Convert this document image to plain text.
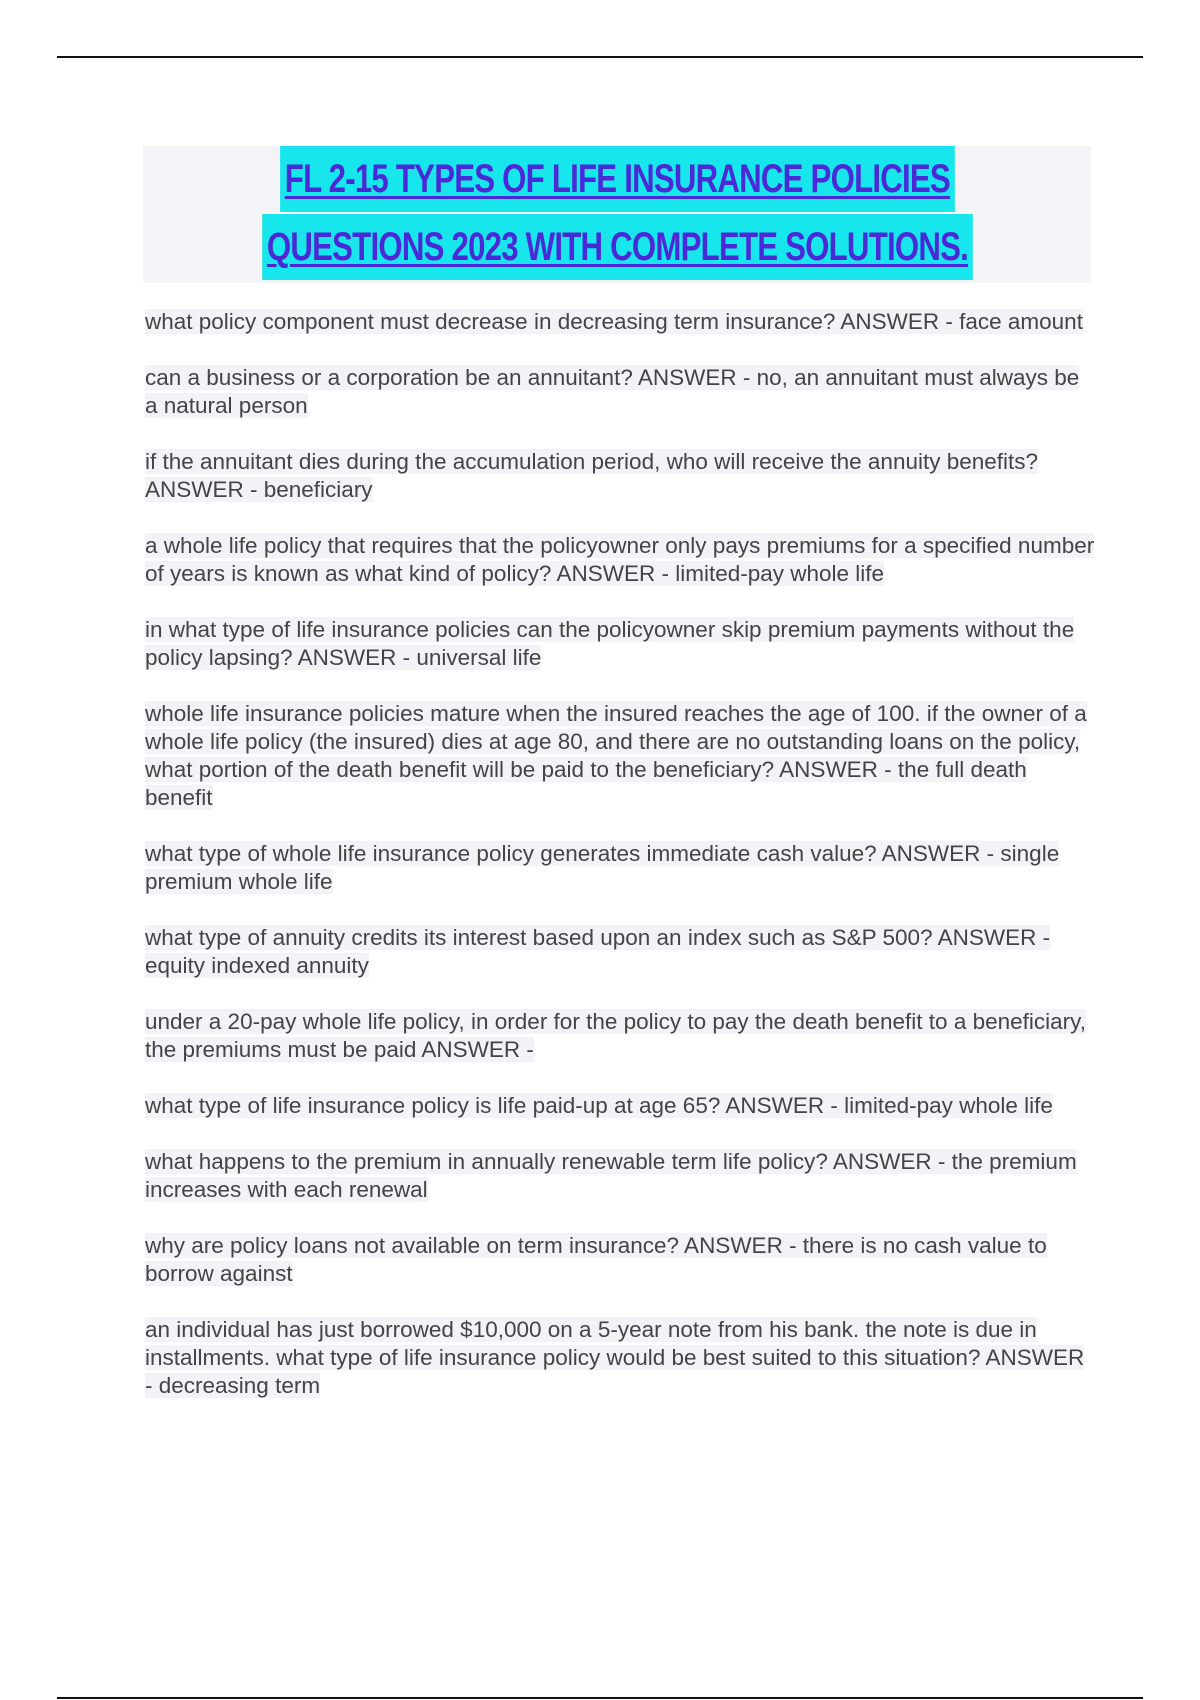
FL 2-15 TYPES OF LIFE INSURANCE POLICIES
QUESTIONS 2023 WITH COMPLETE SOLUTIONS.
what policy component must decrease in decreasing term insurance? ANSWER - face amount
can a business or a corporation be an annuitant? ANSWER - no, an annuitant must always be a natural person
if the annuitant dies during the accumulation period, who will receive the annuity benefits? ANSWER - beneficiary
a whole life policy that requires that the policyowner only pays premiums for a specified number of years is known as what kind of policy? ANSWER - limited-pay whole life
in what type of life insurance policies can the policyowner skip premium payments without the policy lapsing? ANSWER - universal life
whole life insurance policies mature when the insured reaches the age of 100. if the owner of a whole life policy (the insured) dies at age 80, and there are no outstanding loans on the policy, what portion of the death benefit will be paid to the beneficiary? ANSWER - the full death benefit
what type of whole life insurance policy generates immediate cash value? ANSWER - single premium whole life
what type of annuity credits its interest based upon an index such as S&P 500? ANSWER - equity indexed annuity
under a 20-pay whole life policy, in order for the policy to pay the death benefit to a beneficiary, the premiums must be paid ANSWER -
what type of life insurance policy is life paid-up at age 65? ANSWER - limited-pay whole life
what happens to the premium in annually renewable term life policy? ANSWER - the premium increases with each renewal
why are policy loans not available on term insurance? ANSWER - there is no cash value to borrow against
an individual has just borrowed $10,000 on a 5-year note from his bank. the note is due in installments. what type of life insurance policy would be best suited to this situation? ANSWER - decreasing term
